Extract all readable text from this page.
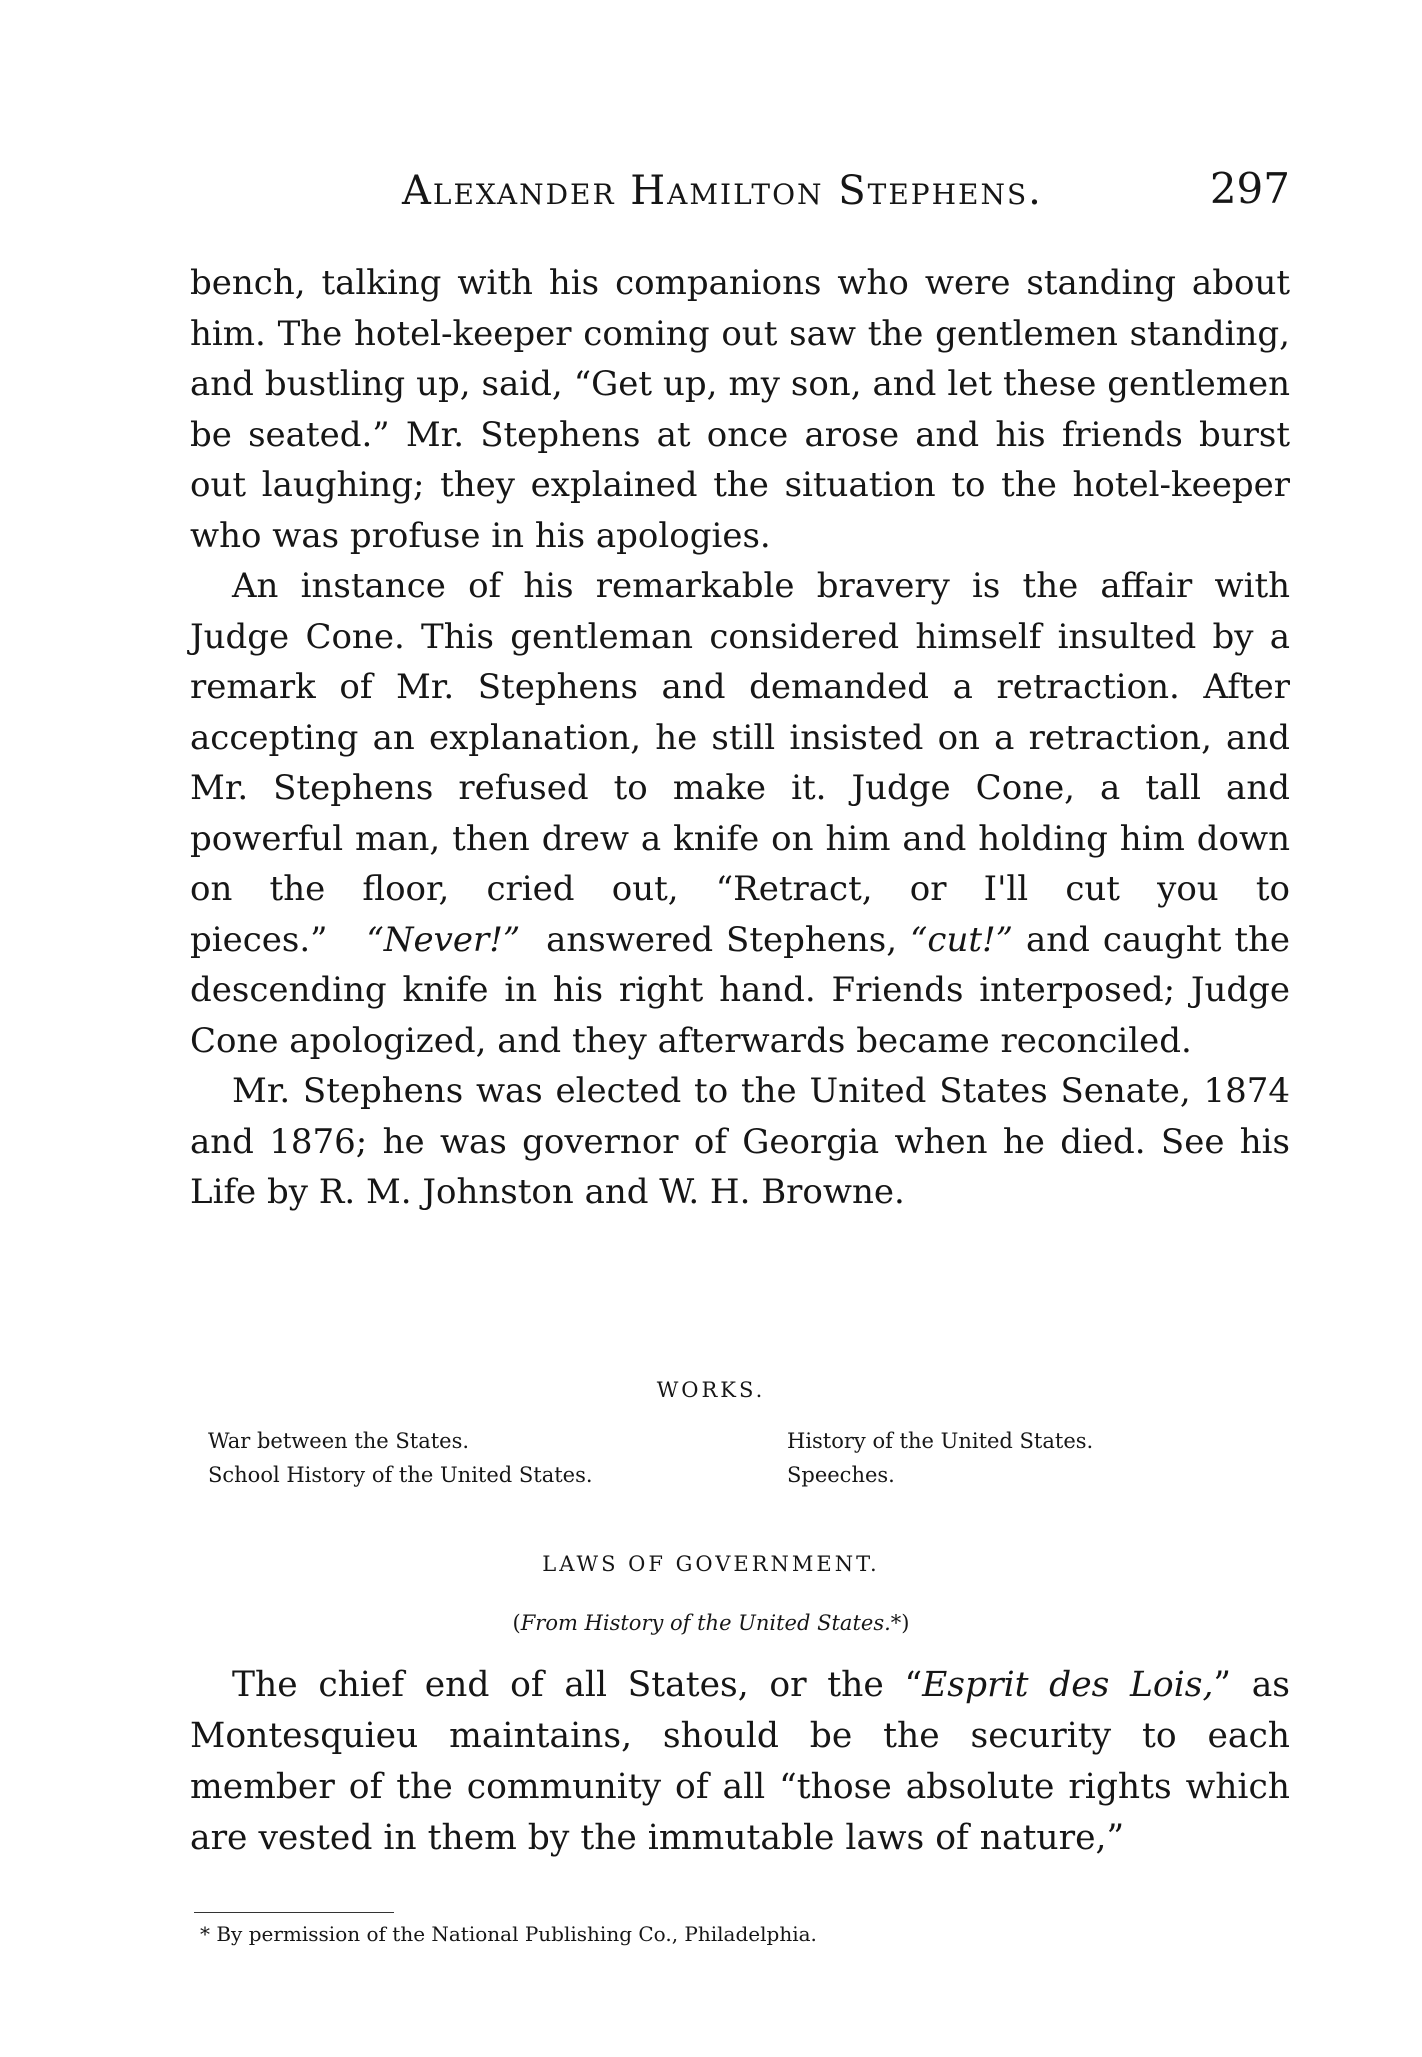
Alexander Hamilton Stephens.	297

bench, talking with his companions who were standing about him. The hotel-keeper coming out saw the gentlemen standing, and bustling up, said, “Get up, my son, and let these gentlemen be seated.” Mr. Stephens at once arose and his friends burst out laughing; they explained the situation to the hotel-keeper who was profuse in his apologies.

An instance of his remarkable bravery is the affair with Judge Cone. This gentleman considered himself insulted by a remark of Mr. Stephens and demanded a retraction. After accepting an explanation, he still insisted on a retraction, and Mr. Stephens refused to make it. Judge Cone, a tall and powerful man, then drew a knife on him and holding him down on the floor, cried out, “Retract, or I'll cut you to pieces.” “Never!” answered Stephens, “cut!” and caught the descending knife in his right hand. Friends interposed; Judge Cone apologized, and they afterwards became reconciled.

Mr. Stephens was elected to the United States Senate, 1874 and 1876; he was governor of Georgia when he died. See his Life by R. M. Johnston and W. H. Browne.

WORKS.
War between the States.
School History of the United States.
History of the United States.
Speeches.
LAWS OF GOVERNMENT.
(From History of the United States.*)

The chief end of all States, or the “Esprit des Lois,” as Montesquieu maintains, should be the security to each member of the community of all “those absolute rights which are vested in them by the immutable laws of nature,”

* By permission of the National Publishing Co., Philadelphia.
